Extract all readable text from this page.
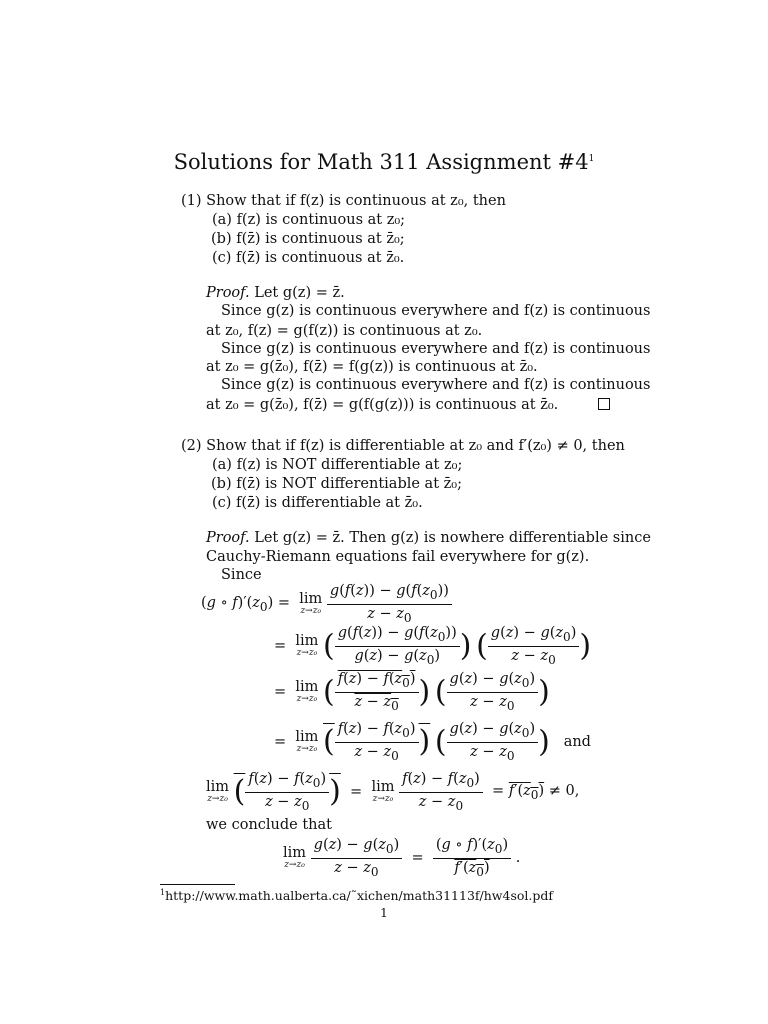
Solutions for Math 311 Assignment $\#4^1$
(1) Show that if f(z) is continuous at z₀, then
(a) f(z) is continuous at z₀;
(b) f(z̄) is continuous at z̄₀;
(c) f(z̄) is continuous at z̄₀.
Proof. Let g(z) = z̄.
Since g(z) is continuous everywhere and f(z) is continuous
at z₀, f(z) = g(f(z)) is continuous at z₀.
Since g(z) is continuous everywhere and f(z) is continuous
at z₀ = g(z̄₀), f(z̄) = f(g(z)) is continuous at z̄₀.
Since g(z) is continuous everywhere and f(z) is continuous
at z₀ = g(z̄₀), f(z̄) = g(f(g(z))) is continuous at z̄₀.
(2) Show that if f(z) is differentiable at z₀ and f′(z₀) ≠ 0, then
(a) f(z) is NOT differentiable at z₀;
(b) f(z̄) is NOT differentiable at z̄₀;
(c) f(z̄) is differentiable at z̄₀.
Proof. Let g(z) = z̄. Then g(z) is nowhere differentiable since
Cauchy-Riemann equations fail everywhere for g(z).
Since
(g ∘ $f)'(z_0) = \lim$
z→z₀
$\frac{g(f(z)) - g(f(z_0))}{z - z_0}$
=  lim
z→z₀ ( $\frac{g(f(z)) - g(f(z_0))}{g(z) - g(z_0)}$ ) ( $\frac{g(z) - g(z_0)}{z - z_0}$ )
=  lim
z→z₀ ( $\frac{f(z) - f(z_0)}{z - z_0}$ ) ( $\frac{g(z) - g(z_0)}{z - z_0}$ )
=  lim
z→z₀ ( $\frac{f(z) - f(z_0)}{z - z_0}$ ) ( $\frac{g(z) - g(z_0)}{z - z_0}$ ) and
lim
z→z₀ ( $\frac{f(z) - f(z_0)}{z - z_0}$ )  =  lim
z→z₀
$\frac{f(z) - f(z_0)}{z - z_0} = f'(z_0) \ne 0$,
we conclude that
lim
z→z₀
$\frac{g(z) - g(z_0)}{z - z_0} = \frac{(g \circ f)'(z_0)}{f'(z_0)}$ .
$^1$http://www.math.ualberta.ca/˜xichen/math31113f/hw4sol.pdf
1
